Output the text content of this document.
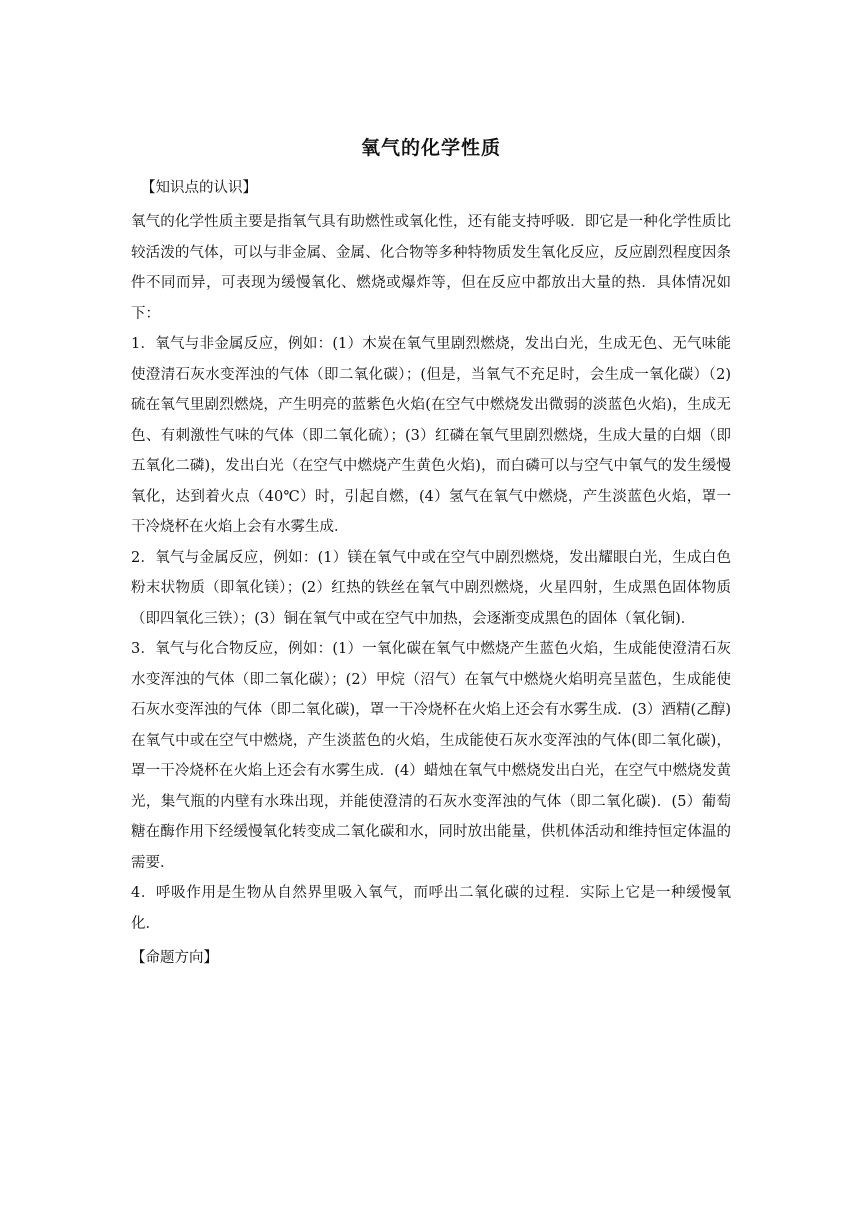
氧气的化学性质
【知识点的认识】

氧气的化学性质主要是指氧气具有助燃性或氧化性，还有能支持呼吸．即它是一种化学性质比较活泼的气体，可以与非金属、金属、化合物等多种特物质发生氧化反应，反应剧烈程度因条件不同而异，可表现为缓慢氧化、燃烧或爆炸等，但在反应中都放出大量的热．具体情况如下：

1．氧气与非金属反应，例如：(1）木炭在氧气里剧烈燃烧，发出白光，生成无色、无气味能使澄清石灰水变浑浊的气体（即二氧化碳）；(但是，当氧气不充足时，会生成一氧化碳）（2)硫在氧气里剧烈燃烧，产生明亮的蓝紫色火焰(在空气中燃烧发出微弱的淡蓝色火焰)，生成无色、有刺激性气味的气体（即二氧化硫）；(3）红磷在氧气里剧烈燃烧，生成大量的白烟（即五氧化二磷)，发出白光（在空气中燃烧产生黄色火焰)，而白磷可以与空气中氧气的发生缓慢氧化，达到着火点（40℃）时，引起自燃，(4）氢气在氧气中燃烧，产生淡蓝色火焰，罩一干冷烧杯在火焰上会有水雾生成．

2．氧气与金属反应，例如：(1）镁在氧气中或在空气中剧烈燃烧，发出耀眼白光，生成白色粉末状物质（即氧化镁）；(2）红热的铁丝在氧气中剧烈燃烧，火星四射，生成黑色固体物质（即四氧化三铁）；(3）铜在氧气中或在空气中加热，会逐渐变成黑色的固体（氧化铜)．

3．氧气与化合物反应，例如：(1）一氧化碳在氧气中燃烧产生蓝色火焰，生成能使澄清石灰水变浑浊的气体（即二氧化碳）；(2）甲烷（沼气）在氧气中燃烧火焰明亮呈蓝色，生成能使石灰水变浑浊的气体（即二氧化碳)，罩一干冷烧杯在火焰上还会有水雾生成．(3）酒精(乙醇)在氧气中或在空气中燃烧，产生淡蓝色的火焰，生成能使石灰水变浑浊的气体(即二氧化碳)，罩一干冷烧杯在火焰上还会有水雾生成．(4）蜡烛在氧气中燃烧发出白光，在空气中燃烧发黄光，集气瓶的内壁有水珠出现，并能使澄清的石灰水变浑浊的气体（即二氧化碳)．(5）葡萄糖在酶作用下经缓慢氧化转变成二氧化碳和水，同时放出能量，供机体活动和维持恒定体温的需要．

4．呼吸作用是生物从自然界里吸入氧气，而呼出二氧化碳的过程．实际上它是一种缓慢氧化．

【命题方向】
